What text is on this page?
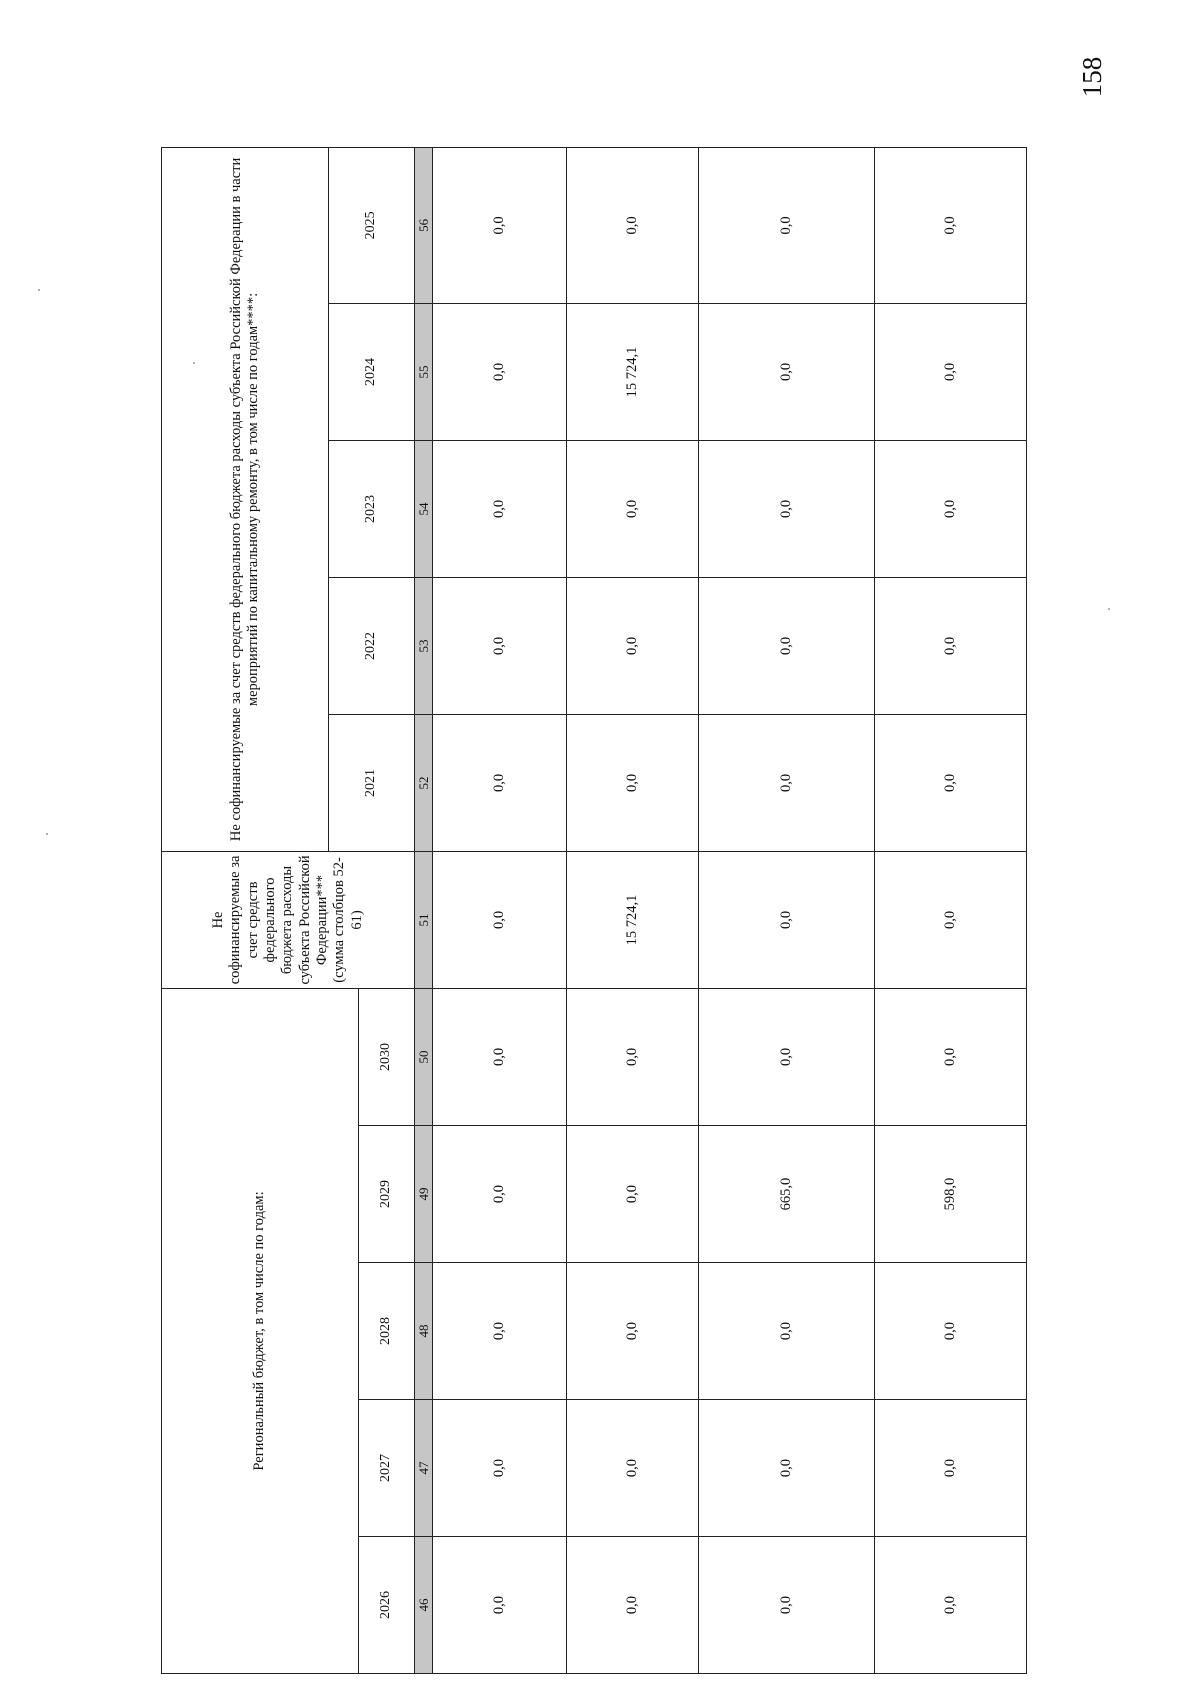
158
Региональный бюджет, в том числе по годам:					Не софинансируемые за счет средств федерального бюджета расходы субъекта Российской Федерации*** (сумма столбцов 52-61)	Не софинансируемые за счет средств федерального бюджета расходы субъекта Российской Федерации в части мероприятий по капитальному ремонту, в том числе по годам****:				
						2021	2022	2023	2024	2025
2026	2027	2028	2029	2030						
46	47	48	49	50	51	52	53	54	55	56
0,0	0,0	0,0	0,0	0,0	0,0	0,0	0,0	0,0	0,0	0,0
0,0	0,0	0,0	0,0	0,0	15 724,1	0,0	0,0	0,0	15 724,1	0,0
0,0	0,0	0,0	665,0	0,0	0,0	0,0	0,0	0,0	0,0	0,0
0,0	0,0	0,0	598,0	0,0	0,0	0,0	0,0	0,0	0,0	0,0
